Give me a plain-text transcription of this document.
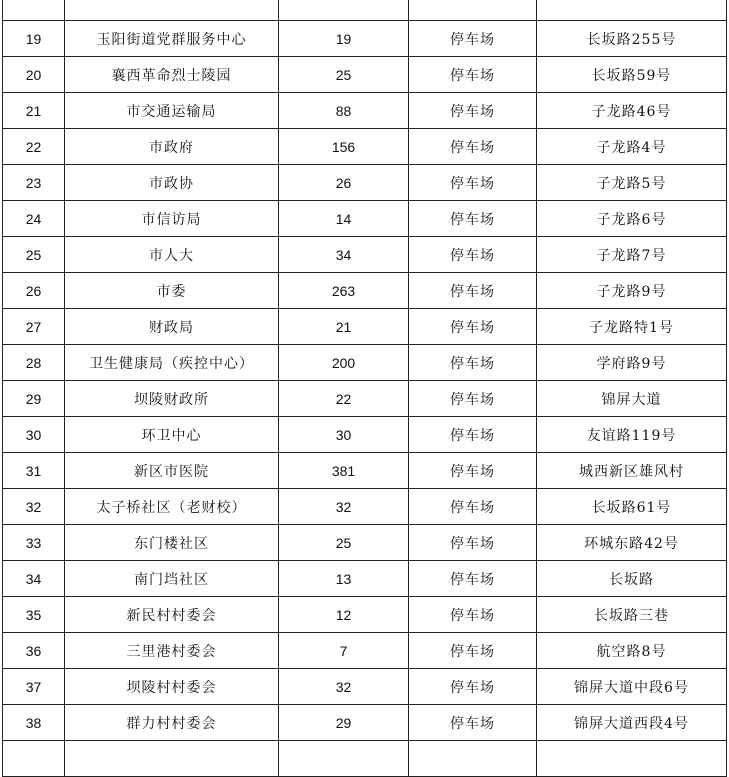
19	玉阳街道党群服务中心	19	停车场	长坂路255号
20	襄西革命烈士陵园	25	停车场	长坂路59号
21	市交通运输局	88	停车场	子龙路46号
22	市政府	156	停车场	子龙路4号
23	市政协	26	停车场	子龙路5号
24	市信访局	14	停车场	子龙路6号
25	市人大	34	停车场	子龙路7号
26	市委	263	停车场	子龙路9号
27	财政局	21	停车场	子龙路特1号
28	卫生健康局（疾控中心）	200	停车场	学府路9号
29	坝陵财政所	22	停车场	锦屏大道
30	环卫中心	30	停车场	友谊路119号
31	新区市医院	381	停车场	城西新区雄风村
32	太子桥社区（老财校）	32	停车场	长坂路61号
33	东门楼社区	25	停车场	环城东路42号
34	南门垱社区	13	停车场	长坂路
35	新民村村委会	12	停车场	长坂路三巷
36	三里港村委会	7	停车场	航空路8号
37	坝陵村村委会	32	停车场	锦屏大道中段6号
38	群力村村委会	29	停车场	锦屏大道西段4号
